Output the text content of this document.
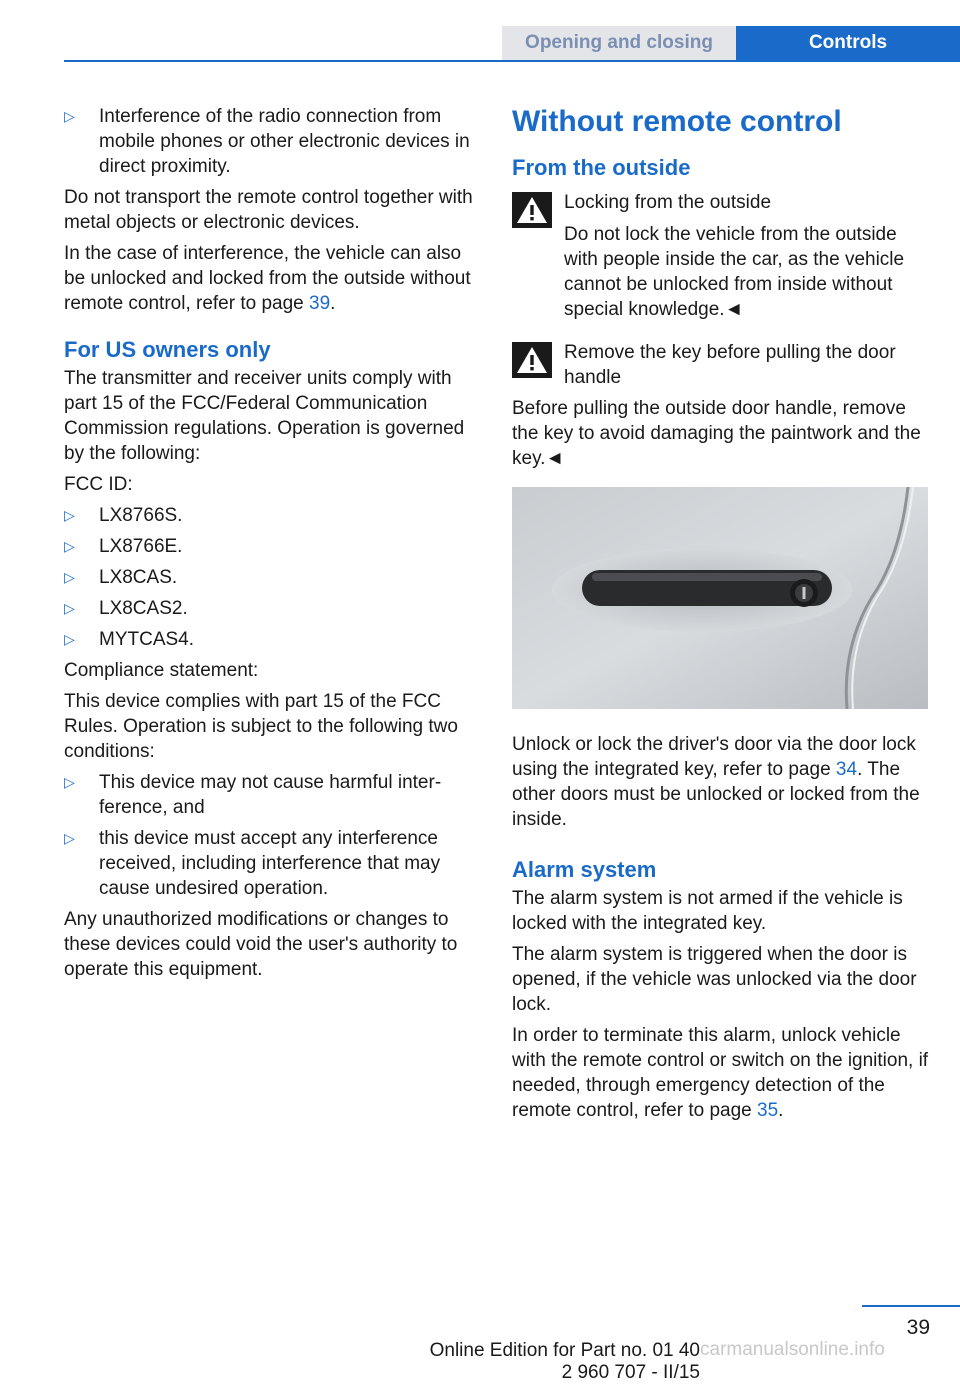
Opening and closing	Controls
▷	Interference of the radio connection from mobile phones or other electronic devices in direct proximity.

Do not transport the remote control together with metal objects or electronic devices.

In the case of interference, the vehicle can also be unlocked and locked from the outside without remote control, refer to page 39.

For US owners only

The transmitter and receiver units comply with part 15 of the FCC/Federal Communication Commission regulations. Operation is governed by the following:

FCC ID:

▷	LX8766S.
▷	LX8766E.
▷	LX8CAS.
▷	LX8CAS2.
▷	MYTCAS4.

Compliance statement:

This device complies with part 15 of the FCC Rules. Operation is subject to the following two conditions:

▷	This device may not cause harmful interference, and
▷	this device must accept any interference received, including interference that may cause undesired operation.

Any unauthorized modifications or changes to these devices could void the user's authority to operate this equipment.

Without remote control
From the outside
Locking from the outside
Do not lock the vehicle from the outside with people inside the car, as the vehicle cannot be unlocked from inside without special knowledge.◄
Remove the key before pulling the door handle

Before pulling the outside door handle, remove the key to avoid damaging the paintwork and the key.◄

Unlock or lock the driver's door via the door lock using the integrated key, refer to page 34. The other doors must be unlocked or locked from the inside.

Alarm system

The alarm system is not armed if the vehicle is locked with the integrated key.

The alarm system is triggered when the door is opened, if the vehicle was unlocked via the door lock.

In order to terminate this alarm, unlock vehicle with the remote control or switch on the ignition, if needed, through emergency detection of the remote control, refer to page 35.

39
Online Edition for Part no. 01 40 2 960 707 - II/15
carmanualsonline.info
